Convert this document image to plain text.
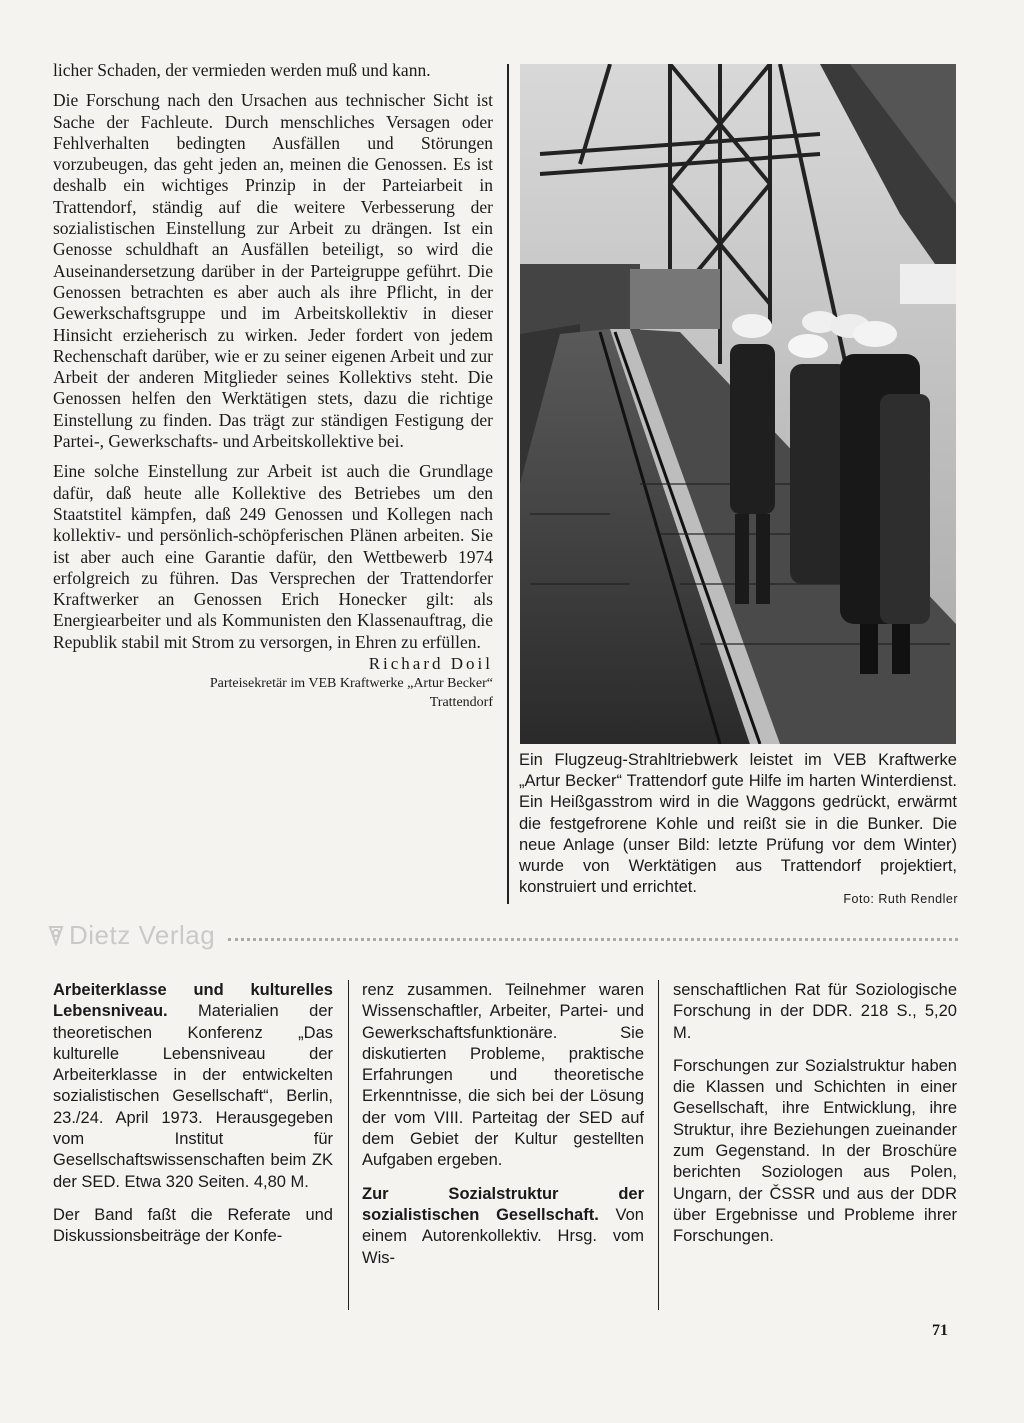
licher Schaden, der vermieden werden muß und kann.

Die Forschung nach den Ursachen aus technischer Sicht ist Sache der Fachleute. Durch menschliches Versagen oder Fehlverhalten bedingten Ausfällen und Störungen vorzubeugen, das geht jeden an, meinen die Genossen. Es ist deshalb ein wichtiges Prinzip in der Parteiarbeit in Trattendorf, ständig auf die weitere Verbesserung der sozialistischen Einstellung zur Arbeit zu drängen. Ist ein Genosse schuldhaft an Ausfällen beteiligt, so wird die Auseinandersetzung darüber in der Parteigruppe geführt. Die Genossen betrachten es aber auch als ihre Pflicht, in der Gewerkschaftsgruppe und im Arbeitskollektiv in dieser Hinsicht erzieherisch zu wirken. Jeder fordert von jedem Rechenschaft darüber, wie er zu seiner eigenen Arbeit und zur Arbeit der anderen Mitglieder seines Kollektivs steht. Die Genossen helfen den Werktätigen stets, dazu die richtige Einstellung zu finden. Das trägt zur ständigen Festigung der Partei-, Gewerkschafts- und Arbeitskollektive bei.

Eine solche Einstellung zur Arbeit ist auch die Grundlage dafür, daß heute alle Kollektive des Betriebes um den Staatstitel kämpfen, daß 249 Genossen und Kollegen nach kollektiv- und persönlich-schöpferischen Plänen arbeiten. Sie ist aber auch eine Garantie dafür, den Wettbewerb 1974 erfolgreich zu führen. Das Versprechen der Trattendorfer Kraftwerker an Genossen Erich Honecker gilt: als Energiearbeiter und als Kommunisten den Klassenauftrag, die Republik stabil mit Strom zu versorgen, in Ehren zu erfüllen.

Richard Doil

Parteisekretär im VEB Kraftwerke „Artur Becker“

Trattendorf

Ein Flugzeug-Strahltriebwerk leistet im VEB Kraftwerke „Artur Becker“ Trattendorf gute Hilfe im harten Winterdienst. Ein Heißgasstrom wird in die Waggons gedrückt, erwärmt die festgefrorene Kohle und reißt sie in die Bunker. Die neue Anlage (unser Bild: letzte Prüfung vor dem Winter) wurde von Werktätigen aus Trattendorf projektiert, konstruiert und errichtet.
Foto: Ruth Rendler
Dietz Verlag

Arbeiterklasse und kulturelles Lebensniveau. Materialien der theoretischen Konferenz „Das kulturelle Lebensniveau der Arbeiterklasse in der entwickelten sozialistischen Gesellschaft“, Berlin, 23./24. April 1973. Herausgegeben vom Institut für Gesellschaftswissenschaften beim ZK der SED. Etwa 320 Seiten. 4,80 M.

Der Band faßt die Referate und Diskussionsbeiträge der Konfe-

renz zusammen. Teilnehmer waren Wissenschaftler, Arbeiter, Partei- und Gewerkschaftsfunktionäre. Sie diskutierten Probleme, praktische Erfahrungen und theoretische Erkenntnisse, die sich bei der Lösung der vom VIII. Parteitag der SED auf dem Gebiet der Kultur gestellten Aufgaben ergeben.

Zur Sozialstruktur der sozialistischen Gesellschaft. Von einem Autorenkollektiv. Hrsg. vom Wis-

senschaftlichen Rat für Soziologische Forschung in der DDR. 218 S., 5,20 M.

Forschungen zur Sozialstruktur haben die Klassen und Schichten in einer Gesellschaft, ihre Entwicklung, ihre Struktur, ihre Beziehungen zueinander zum Gegenstand. In der Broschüre berichten Soziologen aus Polen, Ungarn, der ČSSR und aus der DDR über Ergebnisse und Probleme ihrer Forschungen.

71
